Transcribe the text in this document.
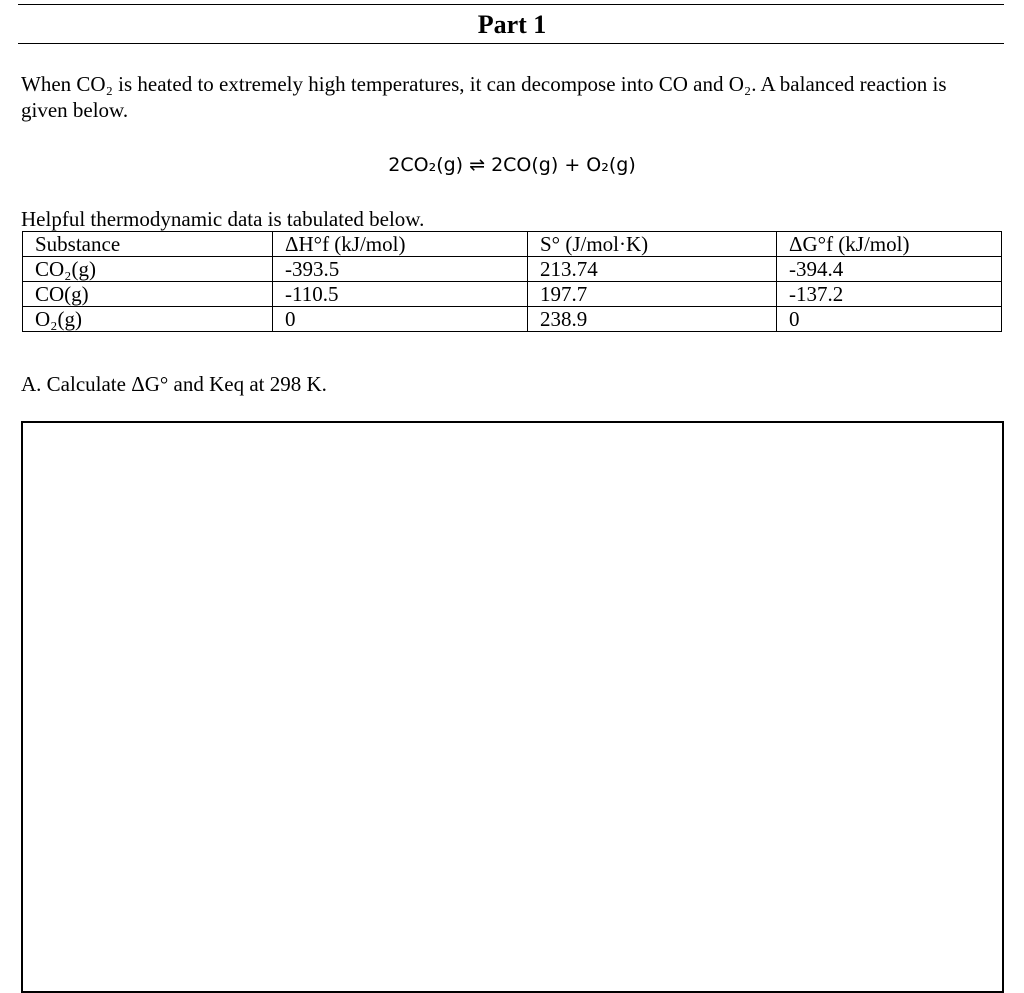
Part 1
When CO₂ is heated to extremely high temperatures, it can decompose into CO and O₂. A balanced reaction is given below.
2CO₂(g) ⇌ 2CO(g) + O₂(g)
Helpful thermodynamic data is tabulated below.
Substance	ΔH°f (kJ/mol)	S° (J/mol·K)	ΔG°f (kJ/mol)
CO₂(g)	-393.5	213.74	-394.4
CO(g)	-110.5	197.7	-137.2
O₂(g)	0	238.9	0
A. Calculate ΔG° and Keq at 298 K.
